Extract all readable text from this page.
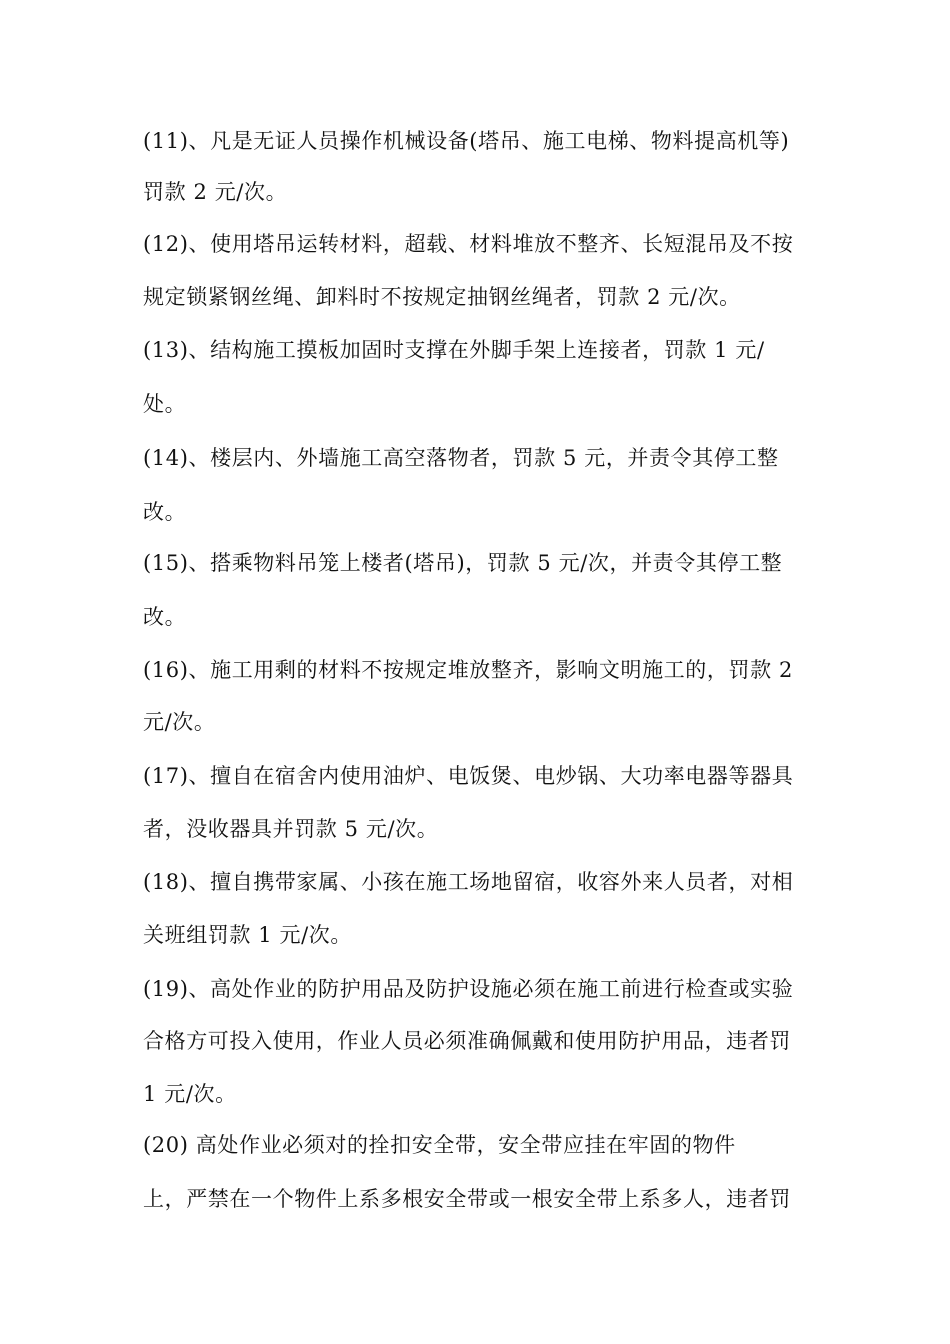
(11)、凡是无证人员操作机械设备(塔吊、施工电梯、物料提高机等)
罚款 2 元/次。
(12)、使用塔吊运转材料，超载、材料堆放不整齐、长短混吊及不按
规定锁紧钢丝绳、卸料时不按规定抽钢丝绳者，罚款 2 元/次。
(13)、结构施工摸板加固时支撑在外脚手架上连接者，罚款 1 元/
处。
(14)、楼层内、外墙施工高空落物者，罚款 5 元，并责令其停工整
改。
(15)、搭乘物料吊笼上楼者(塔吊)，罚款 5 元/次，并责令其停工整
改。
(16)、施工用剩的材料不按规定堆放整齐，影响文明施工的，罚款 2
元/次。
(17)、擅自在宿舍内使用油炉、电饭煲、电炒锅、大功率电器等器具
者，没收器具并罚款 5 元/次。
(18)、擅自携带家属、小孩在施工场地留宿，收容外来人员者，对相
关班组罚款 1 元/次。
(19)、高处作业的防护用品及防护设施必须在施工前进行检查或实验
合格方可投入使用，作业人员必须准确佩戴和使用防护用品，违者罚
1 元/次。
(20) 高处作业必须对的拴扣安全带，安全带应挂在牢固的物件
上，严禁在一个物件上系多根安全带或一根安全带上系多人，违者罚
